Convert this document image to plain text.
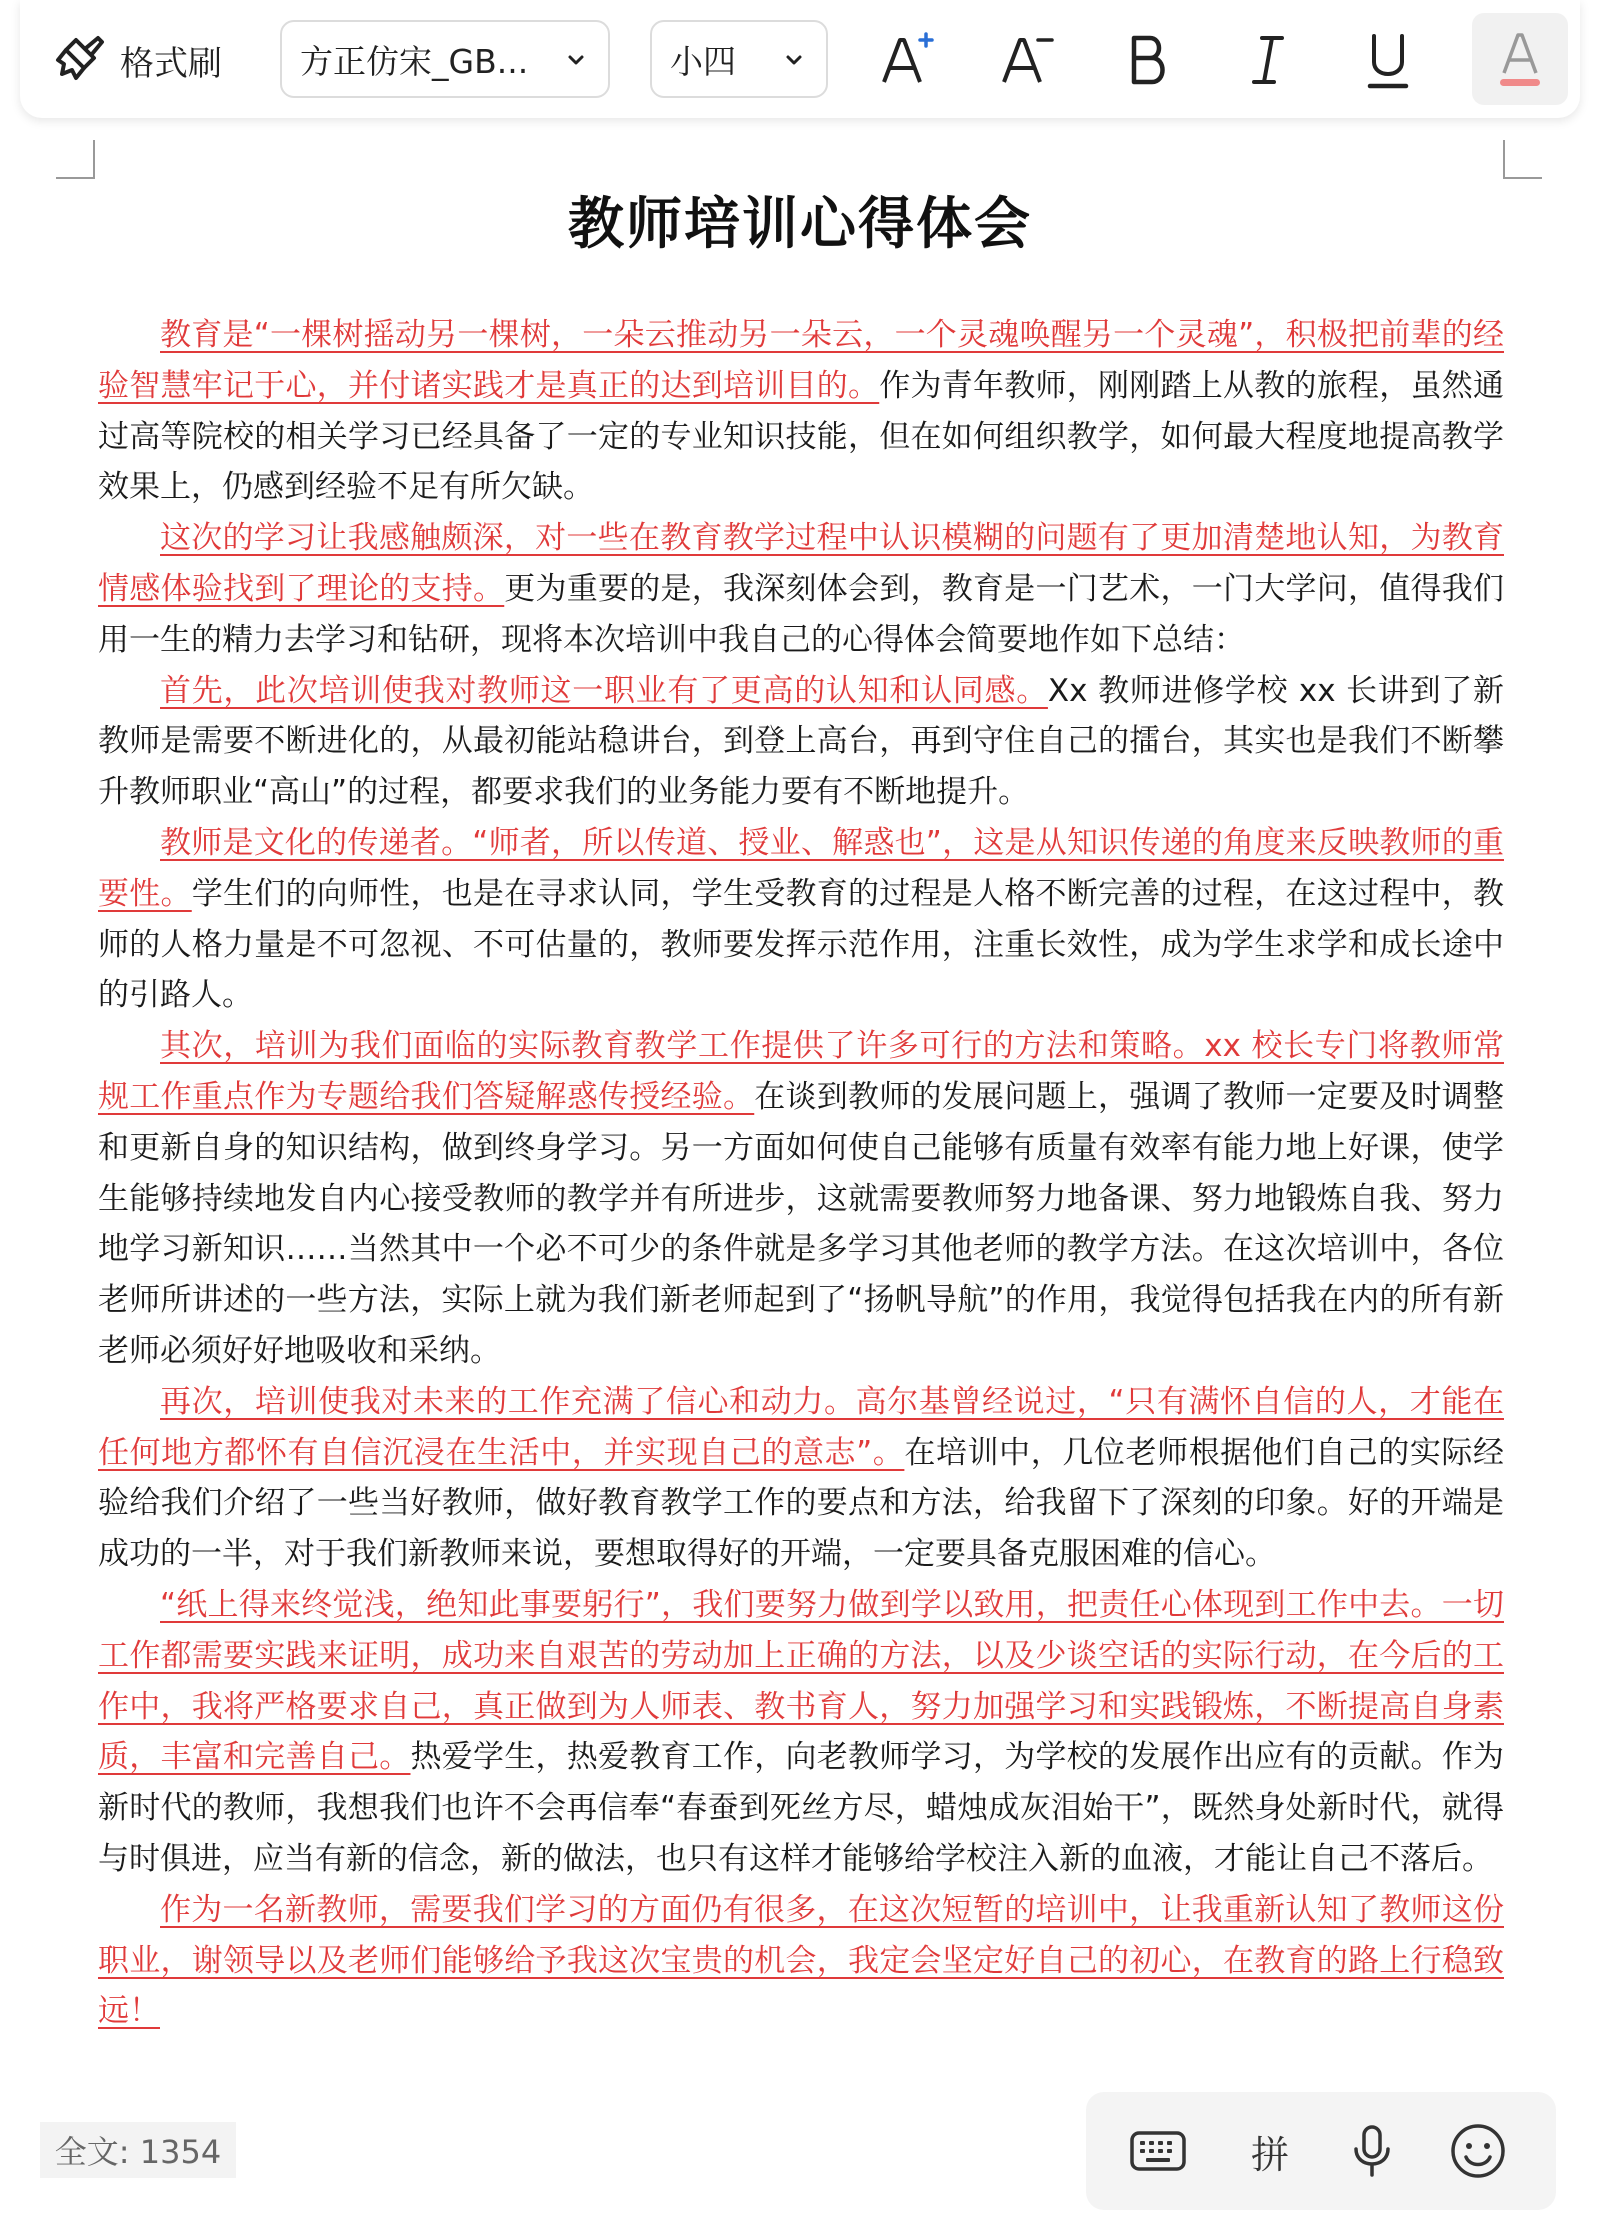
格式刷 方正仿宋_GB...	小四
教师培训心得体会

教育是“一棵树摇动另一棵树，一朵云推动另一朵云，一个灵魂唤醒另一个灵魂”，积极把前辈的经验智慧牢记于心，并付诸实践才是真正的达到培训目的。作为青年教师，刚刚踏上从教的旅程，虽然通过高等院校的相关学习已经具备了一定的专业知识技能，但在如何组织教学，如何最大程度地提高教学效果上，仍感到经验不足有所欠缺。

这次的学习让我感触颇深，对一些在教育教学过程中认识模糊的问题有了更加清楚地认知，为教育情感体验找到了理论的支持。更为重要的是，我深刻体会到，教育是一门艺术，一门大学问，值得我们用一生的精力去学习和钻研，现将本次培训中我自己的心得体会简要地作如下总结：

首先，此次培训使我对教师这一职业有了更高的认知和认同感。Xx 教师进修学校 xx 长讲到了新教师是需要不断进化的，从最初能站稳讲台，到登上高台，再到守住自己的擂台，其实也是我们不断攀升教师职业“高山”的过程，都要求我们的业务能力要有不断地提升。

教师是文化的传递者。“师者，所以传道、授业、解惑也”，这是从知识传递的角度来反映教师的重要性。学生们的向师性，也是在寻求认同，学生受教育的过程是人格不断完善的过程，在这过程中，教师的人格力量是不可忽视、不可估量的，教师要发挥示范作用，注重长效性，成为学生求学和成长途中的引路人。

其次，培训为我们面临的实际教育教学工作提供了许多可行的方法和策略。xx 校长专门将教师常规工作重点作为专题给我们答疑解惑传授经验。在谈到教师的发展问题上，强调了教师一定要及时调整和更新自身的知识结构，做到终身学习。另一方面如何使自己能够有质量有效率有能力地上好课，使学生能够持续地发自内心接受教师的教学并有所进步，这就需要教师努力地备课、努力地锻炼自我、努力地学习新知识……当然其中一个必不可少的条件就是多学习其他老师的教学方法。在这次培训中，各位老师所讲述的一些方法，实际上就为我们新老师起到了“扬帆导航”的作用，我觉得包括我在内的所有新老师必须好好地吸收和采纳。

再次，培训使我对未来的工作充满了信心和动力。高尔基曾经说过，“只有满怀自信的人，才能在任何地方都怀有自信沉浸在生活中，并实现自己的意志”。在培训中，几位老师根据他们自己的实际经验给我们介绍了一些当好教师，做好教育教学工作的要点和方法，给我留下了深刻的印象。好的开端是成功的一半，对于我们新教师来说，要想取得好的开端，一定要具备克服困难的信心。

“纸上得来终觉浅，绝知此事要躬行”，我们要努力做到学以致用，把责任心体现到工作中去。一切工作都需要实践来证明，成功来自艰苦的劳动加上正确的方法，以及少谈空话的实际行动，在今后的工作中，我将严格要求自己，真正做到为人师表、教书育人，努力加强学习和实践锻炼，不断提高自身素质，丰富和完善自己。热爱学生，热爱教育工作，向老教师学习，为学校的发展作出应有的贡献。作为新时代的教师，我想我们也许不会再信奉“春蚕到死丝方尽，蜡烛成灰泪始干”，既然身处新时代，就得与时俱进，应当有新的信念，新的做法，也只有这样才能够给学校注入新的血液，才能让自己不落后。

作为一名新教师，需要我们学习的方面仍有很多，在这次短暂的培训中，让我重新认知了教师这份职业，谢领导以及老师们能够给予我这次宝贵的机会，我定会坚定好自己的初心，在教育的路上行稳致远！

全文: 1354	拼
